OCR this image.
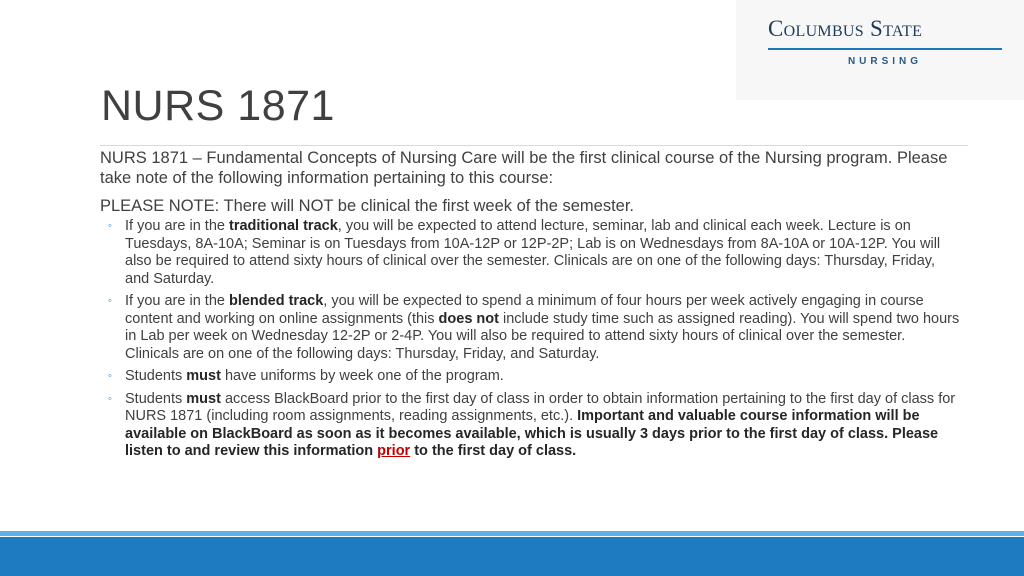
Columbus State
NURSING
NURS 1871

NURS 1871 – Fundamental Concepts of Nursing Care will be the first clinical course of the Nursing program. Please take note of the following information pertaining to this course:

PLEASE NOTE: There will NOT be clinical the first week of the semester.

◦ If you are in the traditional track, you will be expected to attend lecture, seminar, lab and clinical each week. Lecture is on Tuesdays, 8A-10A; Seminar is on Tuesdays from 10A-12P or 12P-2P; Lab is on Wednesdays from 8A-10A or 10A-12P. You will also be required to attend sixty hours of clinical over the semester. Clinicals are on one of the following days: Thursday, Friday, and Saturday.
◦ If you are in the blended track, you will be expected to spend a minimum of four hours per week actively engaging in course content and working on online assignments (this does not include study time such as assigned reading). You will spend two hours in Lab per week on Wednesday 12-2P or 2-4P. You will also be required to attend sixty hours of clinical over the semester. Clinicals are on one of the following days: Thursday, Friday, and Saturday.
◦ Students must have uniforms by week one of the program.
◦ Students must access BlackBoard prior to the first day of class in order to obtain information pertaining to the first day of class for NURS 1871 (including room assignments, reading assignments, etc.). Important and valuable course information will be available on BlackBoard as soon as it becomes available, which is usually 3 days prior to the first day of class. Please listen to and review this information prior to the first day of class.
